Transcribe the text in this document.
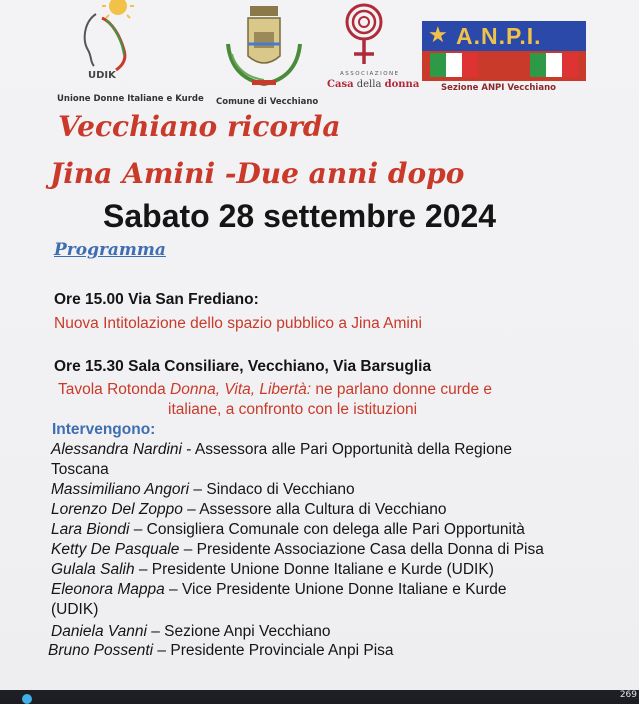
UDIK
Unione Donne Italiane e Kurde Comune di Vecchiano
ASSOCIAZIONE
Casa della donna
★ A.N.P.I.
Sezione ANPI Vecchiano
Vecchiano ricorda
Jina Amini -Due anni dopo
Sabato 28 settembre 2024
Programma
Ore 15.00 Via San Frediano:
Nuova Intitolazione dello spazio pubblico a Jina Amini
Ore 15.30 Sala Consiliare, Vecchiano, Via Barsuglia
Tavola Rotonda Donna, Vita, Libertà: ne parlano donne curde e
italiane, a confronto con le istituzioni
Intervengono:
Alessandra Nardini - Assessora alle Pari Opportunità della Regione
Toscana
Massimiliano Angori – Sindaco di Vecchiano
Lorenzo Del Zoppo – Assessore alla Cultura di Vecchiano
Lara Biondi – Consigliera Comunale con delega alle Pari Opportunità
Ketty De Pasquale – Presidente Associazione Casa della Donna di Pisa
Gulala Salih – Presidente Unione Donne Italiane e Kurde (UDIK)
Eleonora Mappa – Vice Presidente Unione Donne Italiane e Kurde
(UDIK)
Daniela Vanni – Sezione Anpi Vecchiano
Bruno Possenti – Presidente Provinciale Anpi Pisa
269
